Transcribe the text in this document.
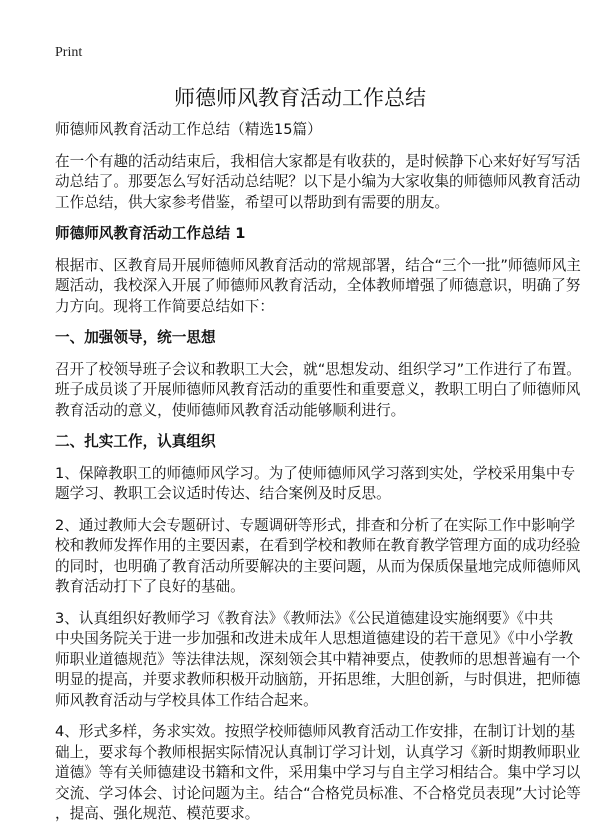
Print
师德师风教育活动工作总结
师德师风教育活动工作总结（精选15篇）
在一个有趣的活动结束后，我相信大家都是有收获的，是时候静下心来好好写写活
动总结了。那要怎么写好活动总结呢？以下是小编为大家收集的师德师风教育活动
工作总结，供大家参考借鉴，希望可以帮助到有需要的朋友。
师德师风教育活动工作总结 1
根据市、区教育局开展师德师风教育活动的常规部署，结合“三个一批”师德师风主
题活动，我校深入开展了师德师风教育活动，全体教师增强了师德意识，明确了努
力方向。现将工作简要总结如下：
一、加强领导，统一思想
召开了校领导班子会议和教职工大会，就“思想发动、组织学习”工作进行了布置。
班子成员谈了开展师德师风教育活动的重要性和重要意义，教职工明白了师德师风
教育活动的意义，使师德师风教育活动能够顺利进行。
二、扎实工作，认真组织
1、保障教职工的师德师风学习。为了使师德师风学习落到实处，学校采用集中专
题学习、教职工会议适时传达、结合案例及时反思。
2、通过教师大会专题研讨、专题调研等形式，排查和分析了在实际工作中影响学
校和教师发挥作用的主要因素，在看到学校和教师在教育教学管理方面的成功经验
的同时，也明确了教育活动所要解决的主要问题，从而为保质保量地完成师德师风
教育活动打下了良好的基础。
3、认真组织好教师学习《教育法》《教师法》《公民道德建设实施纲要》《中共
中央国务院关于进一步加强和改进未成年人思想道德建设的若干意见》《中小学教
师职业道德规范》等法律法规，深刻领会其中精神要点，使教师的思想普遍有一个
明显的提高，并要求教师积极开动脑筋，开拓思维，大胆创新，与时俱进，把师德
师风教育活动与学校具体工作结合起来。
4、形式多样，务求实效。按照学校师德师风教育活动工作安排，在制订计划的基
础上，要求每个教师根据实际情况认真制订学习计划，认真学习《新时期教师职业
道德》等有关师德建设书籍和文件，采用集中学习与自主学习相结合。集中学习以
交流、学习体会、讨论问题为主。结合“合格党员标准、不合格党员表现”大讨论等
，提高、强化规范、模范要求。
